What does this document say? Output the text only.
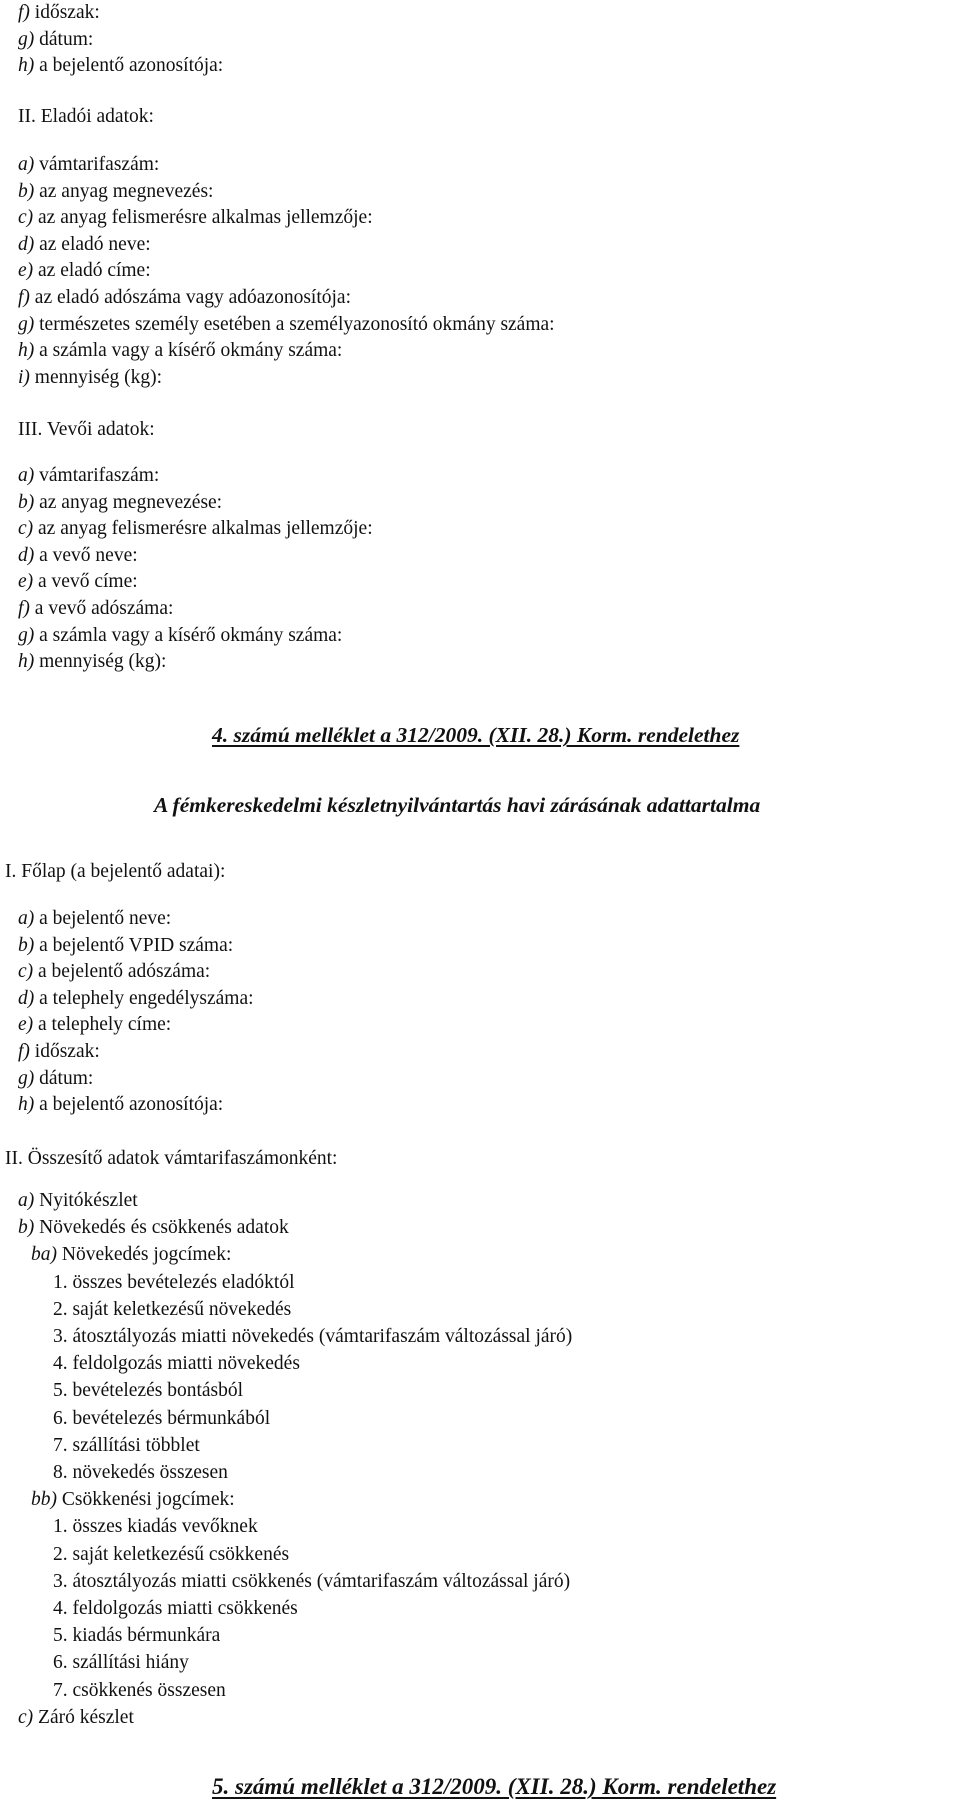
II. Eladói adatok:
III. Vevői adatok:
4. számú melléklet a 312/2009. (XII. 28.) Korm. rendelethez
A fémkereskedelmi készletnyilvántartás havi zárásának adattartalma
I. Főlap (a bejelentő adatai):
II. Összesítő adatok vámtarifaszámonként:
5. számú melléklet a 312/2009. (XII. 28.) Korm. rendelethez
f) időszak:
g) dátum:
h) a bejelentő azonosítója:
a) vámtarifaszám:
b) az anyag megnevezés:
c) az anyag felismerésre alkalmas jellemzője:
d) az eladó neve:
e) az eladó címe:
f) az eladó adószáma vagy adóazonosítója:
g) természetes személy esetében a személyazonosító okmány száma:
h) a számla vagy a kísérő okmány száma:
i) mennyiség (kg):
a) vámtarifaszám:
b) az anyag megnevezése:
c) az anyag felismerésre alkalmas jellemzője:
d) a vevő neve:
e) a vevő címe:
f) a vevő adószáma:
g) a számla vagy a kísérő okmány száma:
h) mennyiség (kg):
a) a bejelentő neve:
b) a bejelentő VPID száma:
c) a bejelentő adószáma:
d) a telephely engedélyszáma:
e) a telephely címe:
f) időszak:
g) dátum:
h) a bejelentő azonosítója:
a) Nyitókészlet
b) Növekedés és csökkenés adatok
ba) Növekedés jogcímek:
1. összes bevételezés eladóktól
2. saját keletkezésű növekedés
3. átosztályozás miatti növekedés (vámtarifaszám változással járó)
4. feldolgozás miatti növekedés
5. bevételezés bontásból
6. bevételezés bérmunkából
7. szállítási többlet
8. növekedés összesen
bb) Csökkenési jogcímek:
1. összes kiadás vevőknek
2. saját keletkezésű csökkenés
3. átosztályozás miatti csökkenés (vámtarifaszám változással járó)
4. feldolgozás miatti csökkenés
5. kiadás bérmunkára
6. szállítási hiány
7. csökkenés összesen
c) Záró készlet
